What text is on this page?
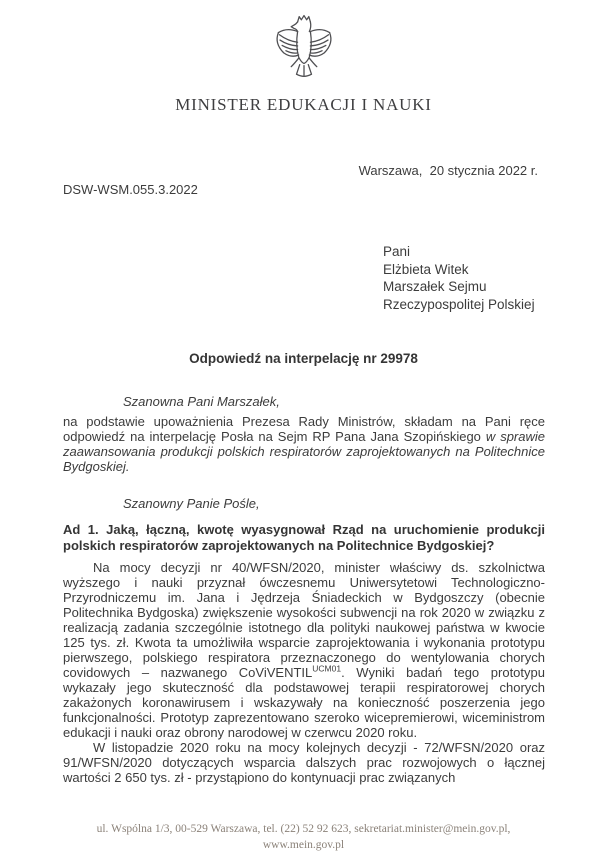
MINISTER EDUKACJI I NAUKI
Warszawa,  20 stycznia 2022 r.
DSW-WSM.055.3.2022
Pani
Elżbieta Witek
Marszałek Sejmu
Rzeczypospolitej Polskiej
Odpowiedź na interpelację nr 29978

Szanowna Pani Marszałek,

na podstawie upoważnienia Prezesa Rady Ministrów, składam na Pani ręce odpowiedź na interpelację Posła na Sejm RP Pana Jana Szopińskiego w sprawie zaawansowania produkcji polskich respiratorów zaprojektowanych na Politechnice Bydgoskiej.

Szanowny Panie Pośle,

Ad 1. Jaką, łączną, kwotę wyasygnował Rząd na uruchomienie produkcji polskich respiratorów zaprojektowanych na Politechnice Bydgoskiej?

Na mocy decyzji nr 40/WFSN/2020, minister właściwy ds. szkolnictwa wyższego i nauki przyznał ówczesnemu Uniwersytetowi Technologiczno-Przyrodniczemu im. Jana i Jędrzeja Śniadeckich w Bydgoszczy (obecnie Politechnika Bydgoska) zwiększenie wysokości subwencji na rok 2020 w związku z realizacją zadania szczególnie istotnego dla polityki naukowej państwa w kwocie 125 tys. zł. Kwota ta umożliwiła wsparcie zaprojektowania i wykonania prototypu pierwszego, polskiego respiratora przeznaczonego do wentylowania chorych covidowych – nazwanego CoViVENTIL$^{UCM01}$. Wyniki badań tego prototypu wykazały jego skuteczność dla podstawowej terapii respiratorowej chorych zakażonych koronawirusem i wskazywały na konieczność poszerzenia jego funkcjonalności. Prototyp zaprezentowano szeroko wicepremierowi, wiceministrom edukacji i nauki oraz obrony narodowej w czerwcu 2020 roku.

W listopadzie 2020 roku na mocy kolejnych decyzji - 72/WFSN/2020 oraz 91/WFSN/2020 dotyczących wsparcia dalszych prac rozwojowych o łącznej wartości 2 650 tys. zł - przystąpiono do kontynuacji prac związanych

ul. Wspólna 1/3, 00-529 Warszawa, tel. (22) 52 92 623, sekretariat.minister@mein.gov.pl,
www.mein.gov.pl
